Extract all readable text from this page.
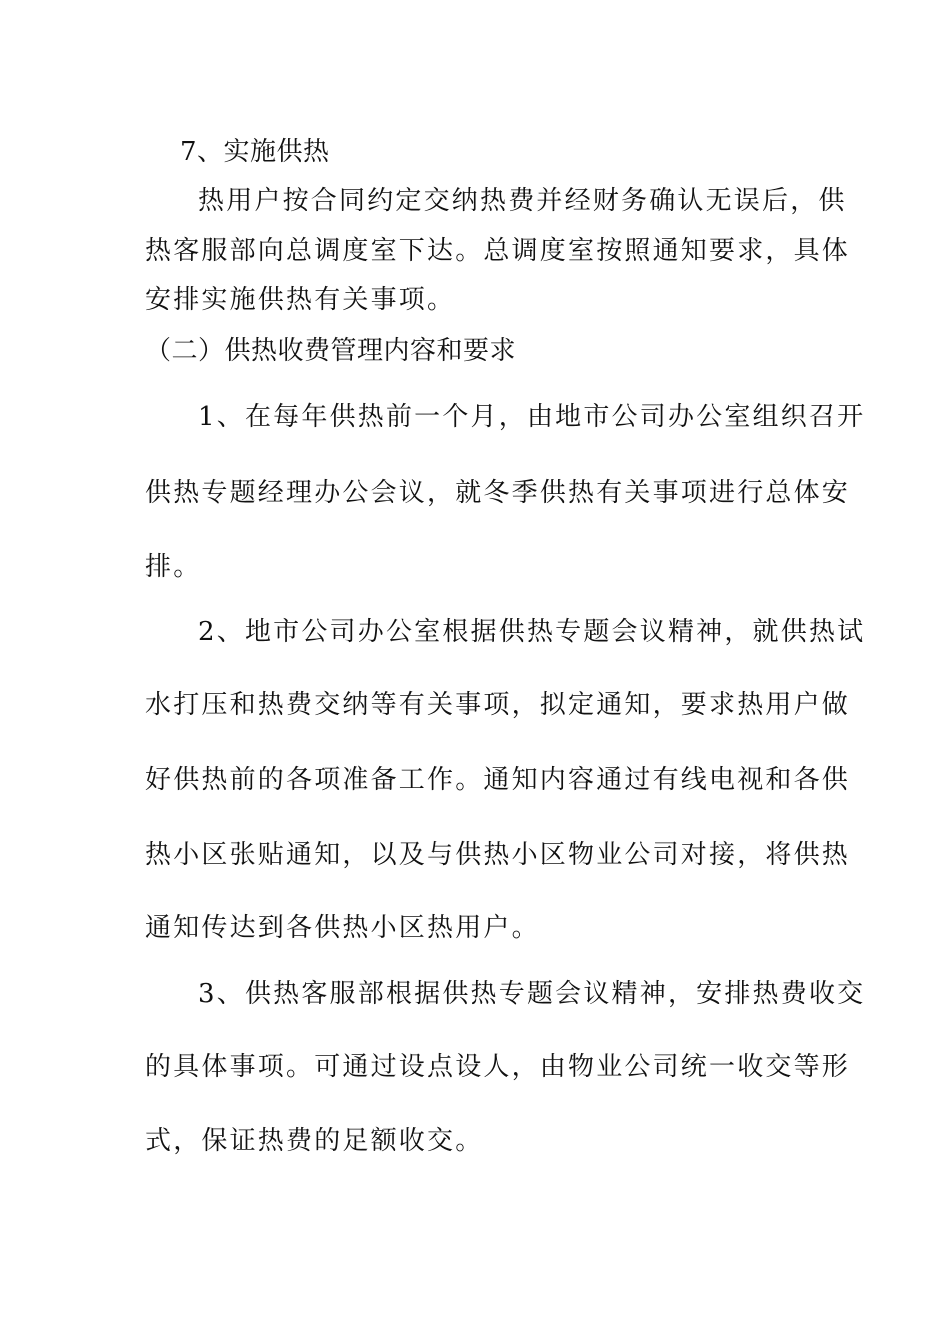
7、实施供热
热用户按合同约定交纳热费并经财务确认无误后，供
热客服部向总调度室下达。总调度室按照通知要求，具体
安排实施供热有关事项。
（二）供热收费管理内容和要求
1、在每年供热前一个月，由地市公司办公室组织召开
供热专题经理办公会议，就冬季供热有关事项进行总体安
排。
2、地市公司办公室根据供热专题会议精神，就供热试
水打压和热费交纳等有关事项，拟定通知，要求热用户做
好供热前的各项准备工作。通知内容通过有线电视和各供
热小区张贴通知，以及与供热小区物业公司对接，将供热
通知传达到各供热小区热用户。
3、供热客服部根据供热专题会议精神，安排热费收交
的具体事项。可通过设点设人，由物业公司统一收交等形
式，保证热费的足额收交。
